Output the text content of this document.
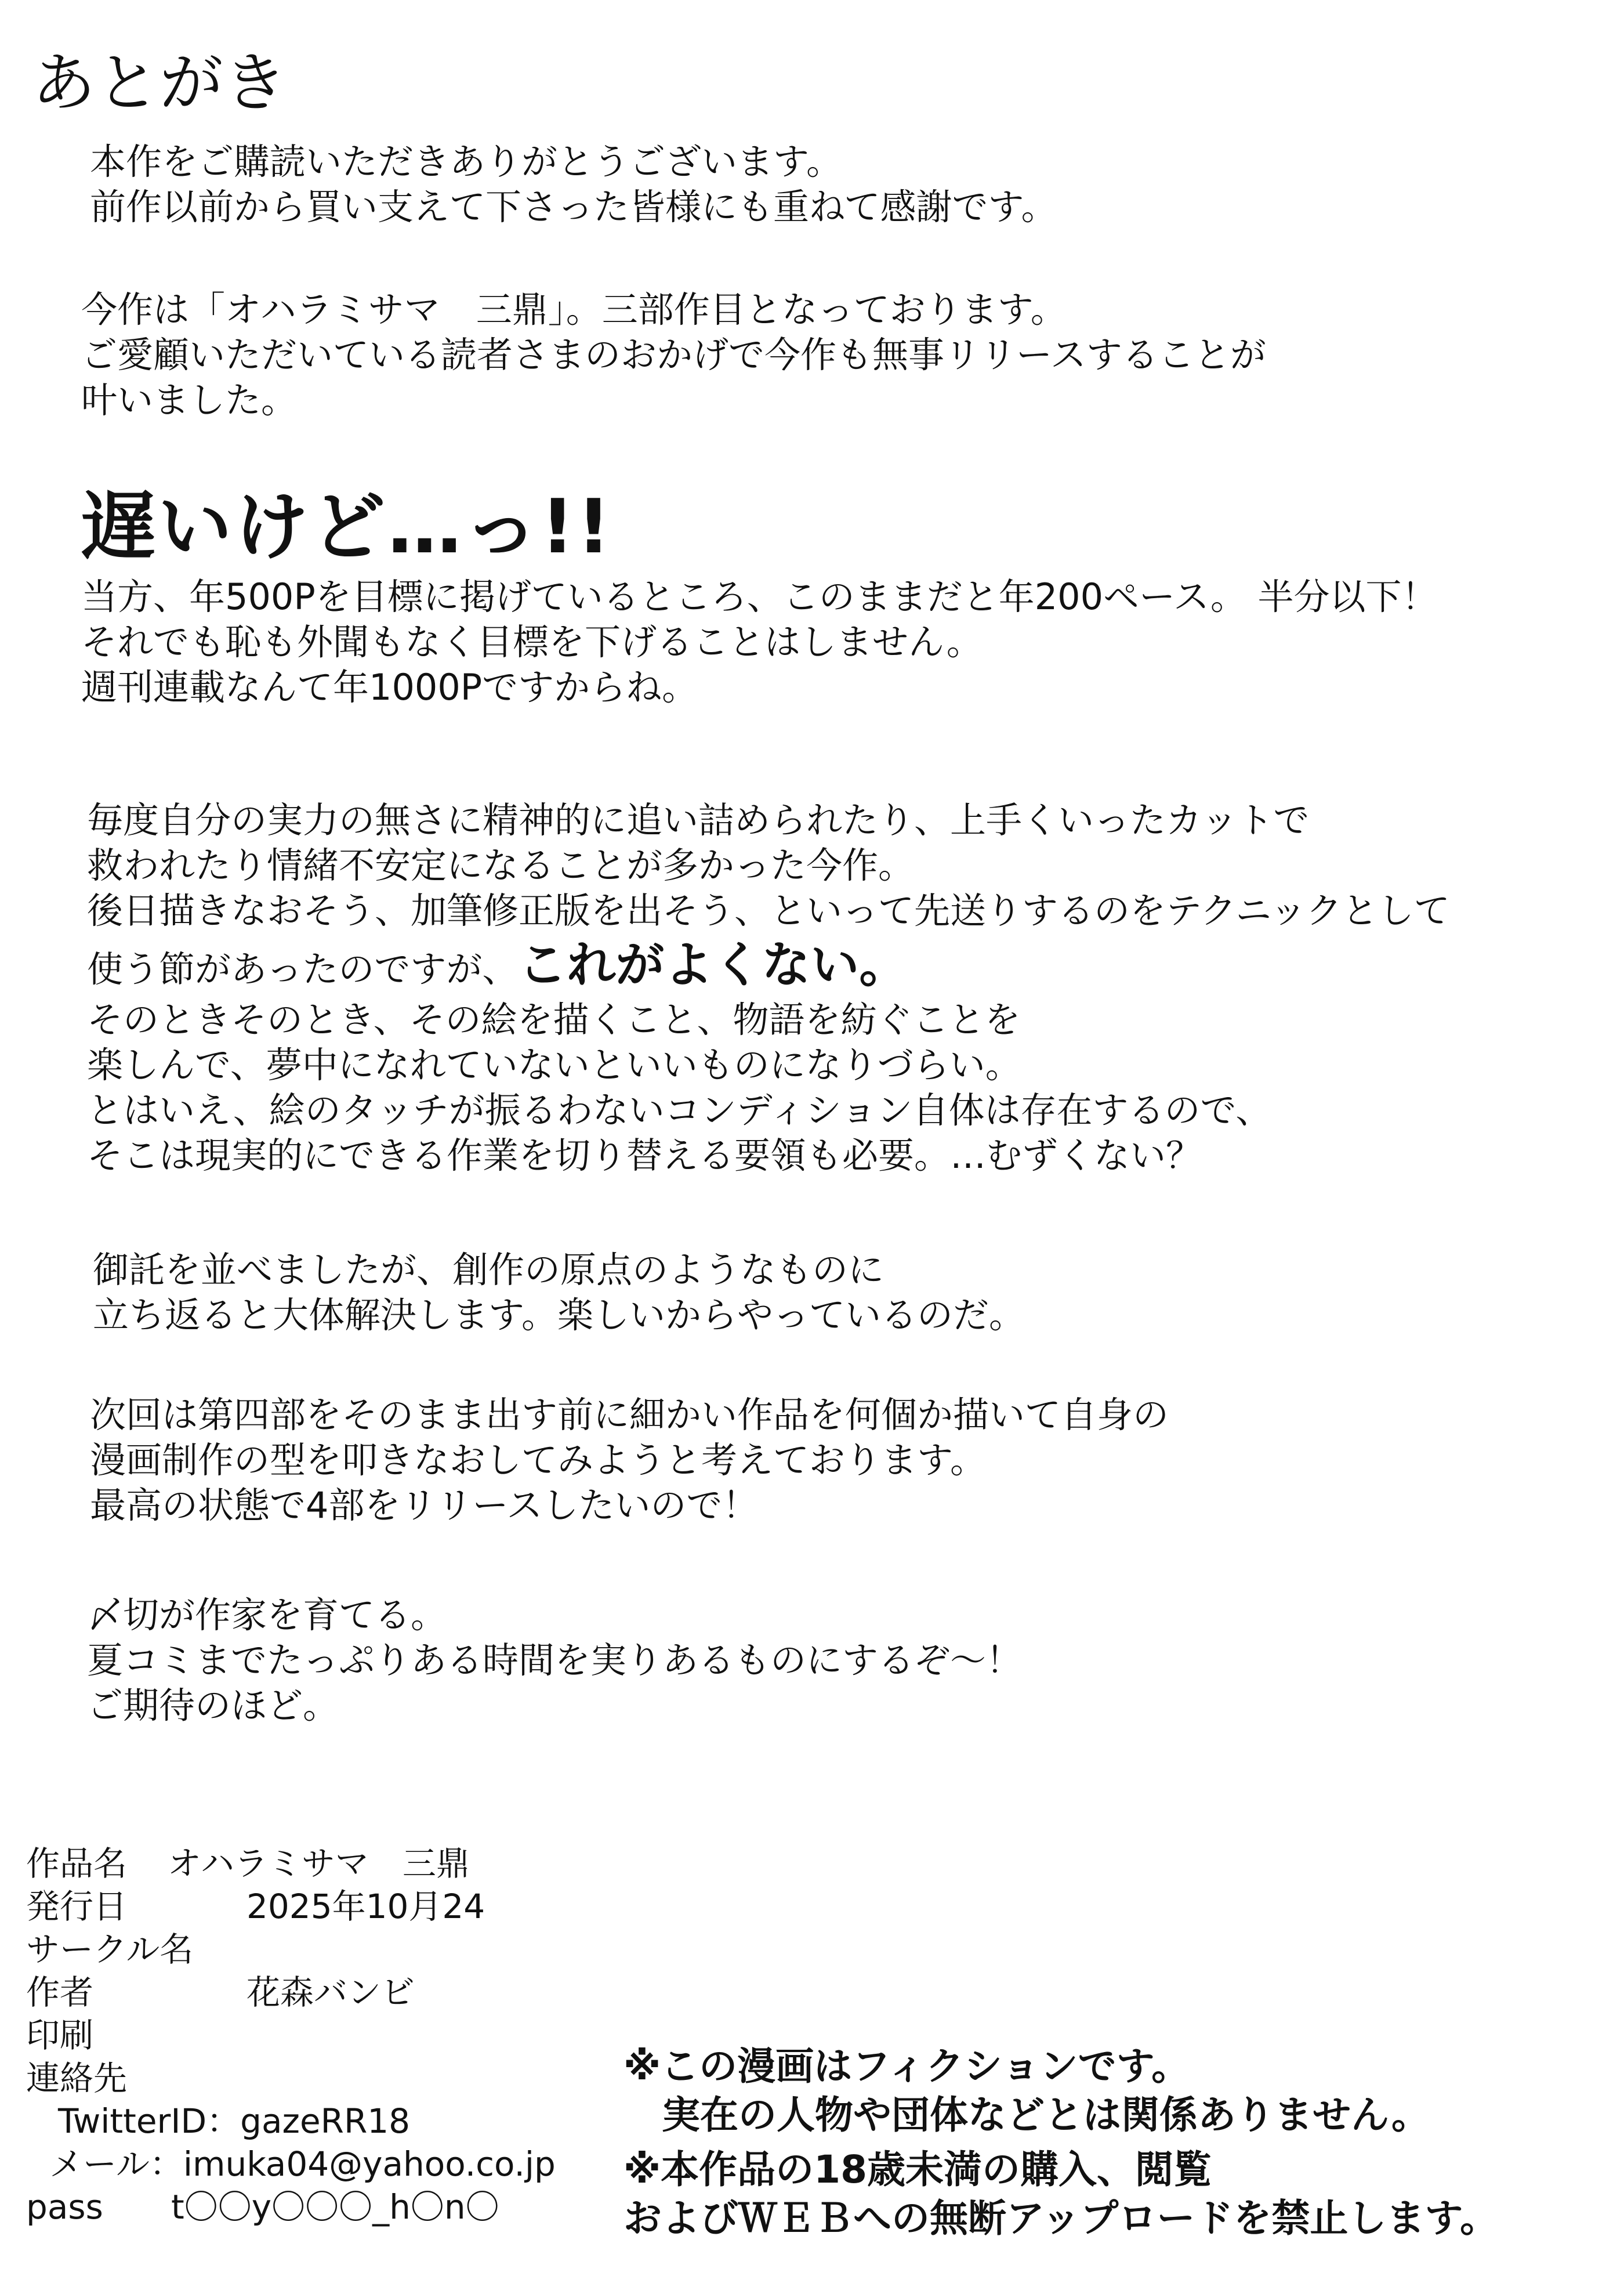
あとがき
本作をご購読いただきありがとうございます。
前作以前から買い支えて下さった皆様にも重ねて感謝です。
今作は「オハラミサマ　三鼎」。三部作目となっております。
ご愛顧いただいている読者さまのおかげで今作も無事リリースすることが
叶いました。
遅いけど…っ!!
当方、年500Pを目標に掲げているところ、このままだと年200ペース。 半分以下！
それでも恥も外聞もなく目標を下げることはしません。
週刊連載なんて年1000Pですからね。
毎度自分の実力の無さに精神的に追い詰められたり、上手くいったカットで
救われたり情緒不安定になることが多かった今作。
後日描きなおそう、加筆修正版を出そう、といって先送りするのをテクニックとして
使う節があったのですが、これがよくない。
そのときそのとき、その絵を描くこと、物語を紡ぐことを
楽しんで、夢中になれていないといいものになりづらい。
とはいえ、絵のタッチが振るわないコンディション自体は存在するので、
そこは現実的にできる作業を切り替える要領も必要。…むずくない？
御託を並べましたが、創作の原点のようなものに
立ち返ると大体解決します。楽しいからやっているのだ。
次回は第四部をそのまま出す前に細かい作品を何個か描いて自身の
漫画制作の型を叩きなおしてみようと考えております。
最高の状態で4部をリリースしたいので！
〆切が作家を育てる。
夏コミまでたっぷりある時間を実りあるものにするぞ〜！
ご期待のほど。
作品名 オハラミサマ　三鼎
発行日	2025年10月24
サークル名
作者	花森バンビ
印刷
連絡先
TwitterID：gazeRR18
メール：imuka04@yahoo.co.jp
pass t〇〇y〇〇〇_h〇n〇
※この漫画はフィクションです。
　実在の人物や団体などとは関係ありません。
※本作品の18歳未満の購入、閲覧
およびＷＥＢへの無断アップロードを禁止します。
